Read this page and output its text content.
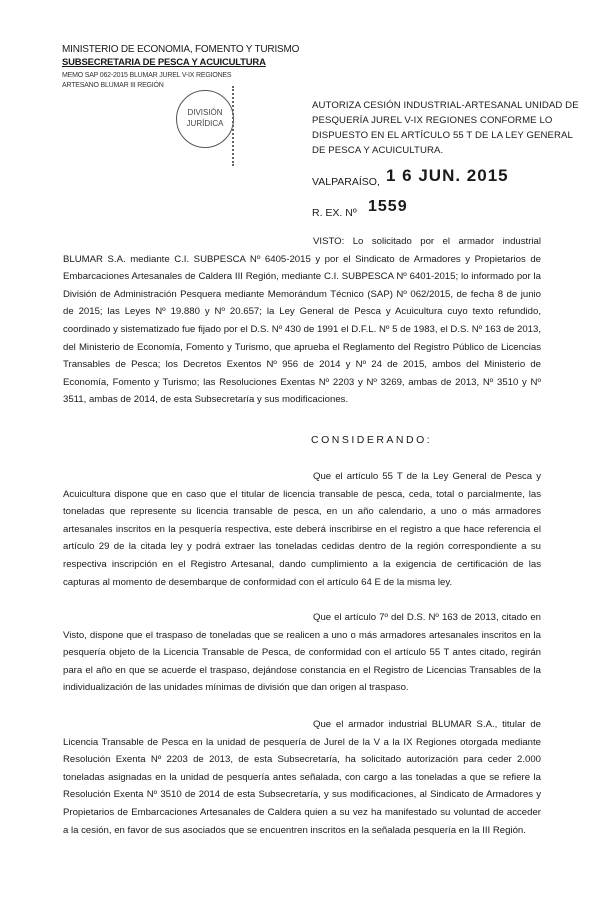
MINISTERIO DE ECONOMIA, FOMENTO Y TURISMO
SUBSECRETARIA DE PESCA Y ACUICULTURA
MEMO SAP 062-2015 BLUMAR JUREL V-IX REGIONES
ARTESANO BLUMAR III REGIÓN
DIVISIÓN JURÍDICA
AUTORIZA CESIÓN INDUSTRIAL-ARTESANAL UNIDAD DE PESQUERÍA JUREL V-IX REGIONES CONFORME LO DISPUESTO EN EL ARTÍCULO 55 T DE LA LEY GENERAL DE PESCA Y ACUICULTURA.
VALPARAÍSO, 1 6 JUN. 2015
R. EX. Nº 1559
VISTO: Lo solicitado por el armador industrial BLUMAR S.A. mediante C.I. SUBPESCA Nº 6405-2015 y por el Sindicato de Armadores y Propietarios de Embarcaciones Artesanales de Caldera III Región, mediante C.I. SUBPESCA Nº 6401-2015; lo informado por la División de Administración Pesquera mediante Memorándum Técnico (SAP) Nº 062/2015, de fecha 8 de junio de 2015; las Leyes Nº 19.880 y Nº 20.657; la Ley General de Pesca y Acuicultura cuyo texto refundido, coordinado y sistematizado fue fijado por el D.S. Nº 430 de 1991 el D.F.L. Nº 5 de 1983, el D.S. Nº 163 de 2013, del Ministerio de Economía, Fomento y Turismo, que aprueba el Reglamento del Registro Público de Licencias Transables de Pesca; los Decretos Exentos Nº 956 de 2014 y Nº 24 de 2015, ambos del Ministerio de Economía, Fomento y Turismo; las Resoluciones Exentas Nº 2203 y Nº 3269, ambas de 2013, Nº 3510 y Nº 3511, ambas de 2014, de esta Subsecretaría y sus modificaciones.
CONSIDERANDO:
Que el artículo 55 T de la Ley General de Pesca y Acuicultura dispone que en caso que el titular de licencia transable de pesca, ceda, total o parcialmente, las toneladas que represente su licencia transable de pesca, en un año calendario, a uno o más armadores artesanales inscritos en la pesquería respectiva, este deberá inscribirse en el registro a que hace referencia el artículo 29 de la citada ley y podrá extraer las toneladas cedidas dentro de la región correspondiente a su respectiva inscripción en el Registro Artesanal, dando cumplimiento a la exigencia de certificación de las capturas al momento de desembarque de conformidad con el artículo 64 E de la misma ley.
Que el artículo 7º del D.S. Nº 163 de 2013, citado en Visto, dispone que el traspaso de toneladas que se realicen a uno o más armadores artesanales inscritos en la pesquería objeto de la Licencia Transable de Pesca, de conformidad con el artículo 55 T antes citado, regirán para el año en que se acuerde el traspaso, dejándose constancia en el Registro de Licencias Transables de la individualización de las unidades mínimas de división que dan origen al traspaso.
Que el armador industrial BLUMAR S.A., titular de Licencia Transable de Pesca en la unidad de pesquería de Jurel de la V a la IX Regiones otorgada mediante Resolución Exenta Nº 2203 de 2013, de esta Subsecretaría, ha solicitado autorización para ceder 2.000 toneladas asignadas en la unidad de pesquería antes señalada, con cargo a las toneladas a que se refiere la Resolución Exenta Nº 3510 de 2014 de esta Subsecretaría, y sus modificaciones, al Sindicato de Armadores y Propietarios de Embarcaciones Artesanales de Caldera quien a su vez ha manifestado su voluntad de acceder a la cesión, en favor de sus asociados que se encuentren inscritos en la señalada pesquería en la III Región.
